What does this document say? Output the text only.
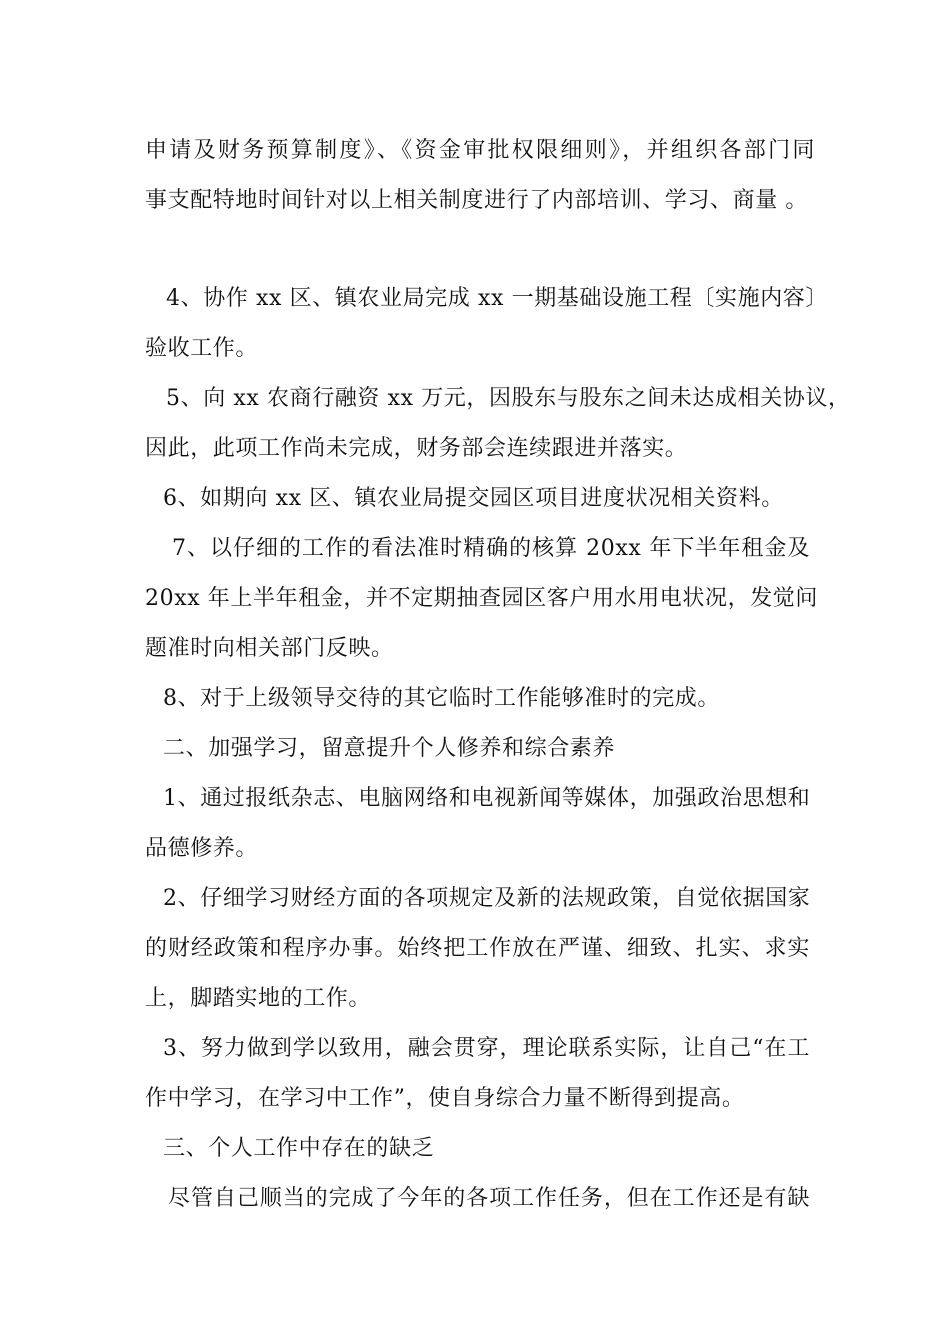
申请及财务预算制度》、《资金审批权限细则》，并组织各部门同
事支配特地时间针对以上相关制度进行了内部培训、学习、商量 。
4、协作 xx 区、镇农业局完成 xx 一期基础设施工程〔实施内容〕
验收工作。
5、向 xx 农商行融资 xx 万元，因股东与股东之间未达成相关协议，
因此，此项工作尚未完成，财务部会连续跟进并落实。
6、如期向 xx 区、镇农业局提交园区项目进度状况相关资料。
7、以仔细的工作的看法准时精确的核算 20xx 年下半年租金及
20xx 年上半年租金，并不定期抽查园区客户用水用电状况，发觉问
题准时向相关部门反映。
8、对于上级领导交待的其它临时工作能够准时的完成。
二、加强学习，留意提升个人修养和综合素养
1、通过报纸杂志、电脑网络和电视新闻等媒体，加强政治思想和
品德修养。
2、仔细学习财经方面的各项规定及新的法规政策，自觉依据国家
的财经政策和程序办事。始终把工作放在严谨、细致、扎实、求实
上，脚踏实地的工作。
3、努力做到学以致用，融会贯穿，理论联系实际，让自己“在工
作中学习，在学习中工作”，使自身综合力量不断得到提高。
三、个人工作中存在的缺乏
尽管自己顺当的完成了今年的各项工作任务，但在工作还是有缺
